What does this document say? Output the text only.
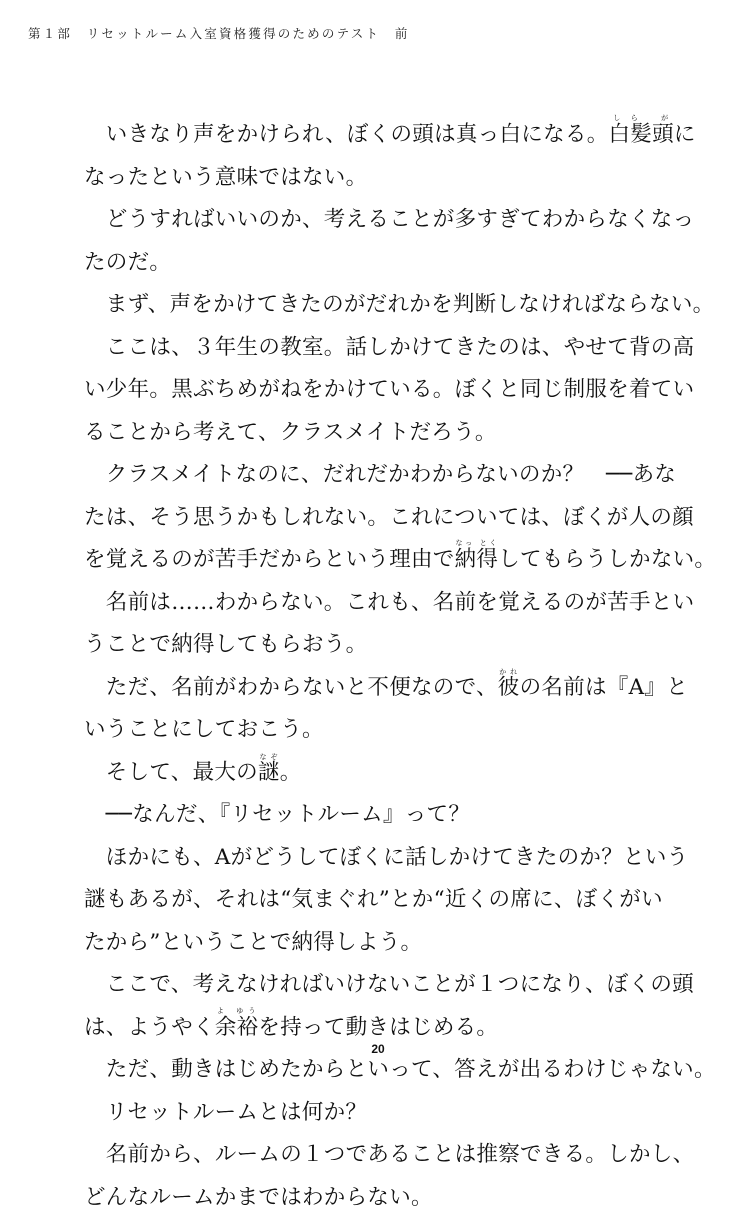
第１部　リセットルーム入室資格獲得のためのテスト　前
　いきなり声をかけられ、ぼくの頭は真っ白になる。白髪頭しら がに
なったという意味ではない。
　どうすればいいのか、考えることが多すぎてわからなくなっ
たのだ。
　まず、声をかけてきたのがだれかを判断しなければならない。
　ここは、３年生の教室。話しかけてきたのは、やせて背の高
い少年。黒ぶちめがねをかけている。ぼくと同じ制服を着てい
ることから考えて、クラスメイトだろう。
　クラスメイトなのに、だれだかわからないのか？　──あな
たは、そう思うかもしれない。これについては、ぼくが人の顔
を覚えるのが苦手だからという理由で納得なっ とくしてもらうしかない。
　名前は……わからない。これも、名前を覚えるのが苦手とい
うことで納得してもらおう。
　ただ、名前がわからないと不便なので、彼かれの名前は『A』と
いうことにしておこう。
　そして、最大の謎なぞ。
　──なんだ、『リセットルーム』って？
　ほかにも、Aがどうしてぼくに話しかけてきたのか？という
謎もあるが、それは“気まぐれ”とか“近くの席に、ぼくがい
たから”ということで納得しよう。
　ここで、考えなければいけないことが１つになり、ぼくの頭
は、ようやく余裕よ ゆうを持って動きはじめる。
　ただ、動きはじめたからといって、答えが出るわけじゃない。
　リセットルームとは何か？
　名前から、ルームの１つであることは推察できる。しかし、
どんなルームかまではわからない。
20
